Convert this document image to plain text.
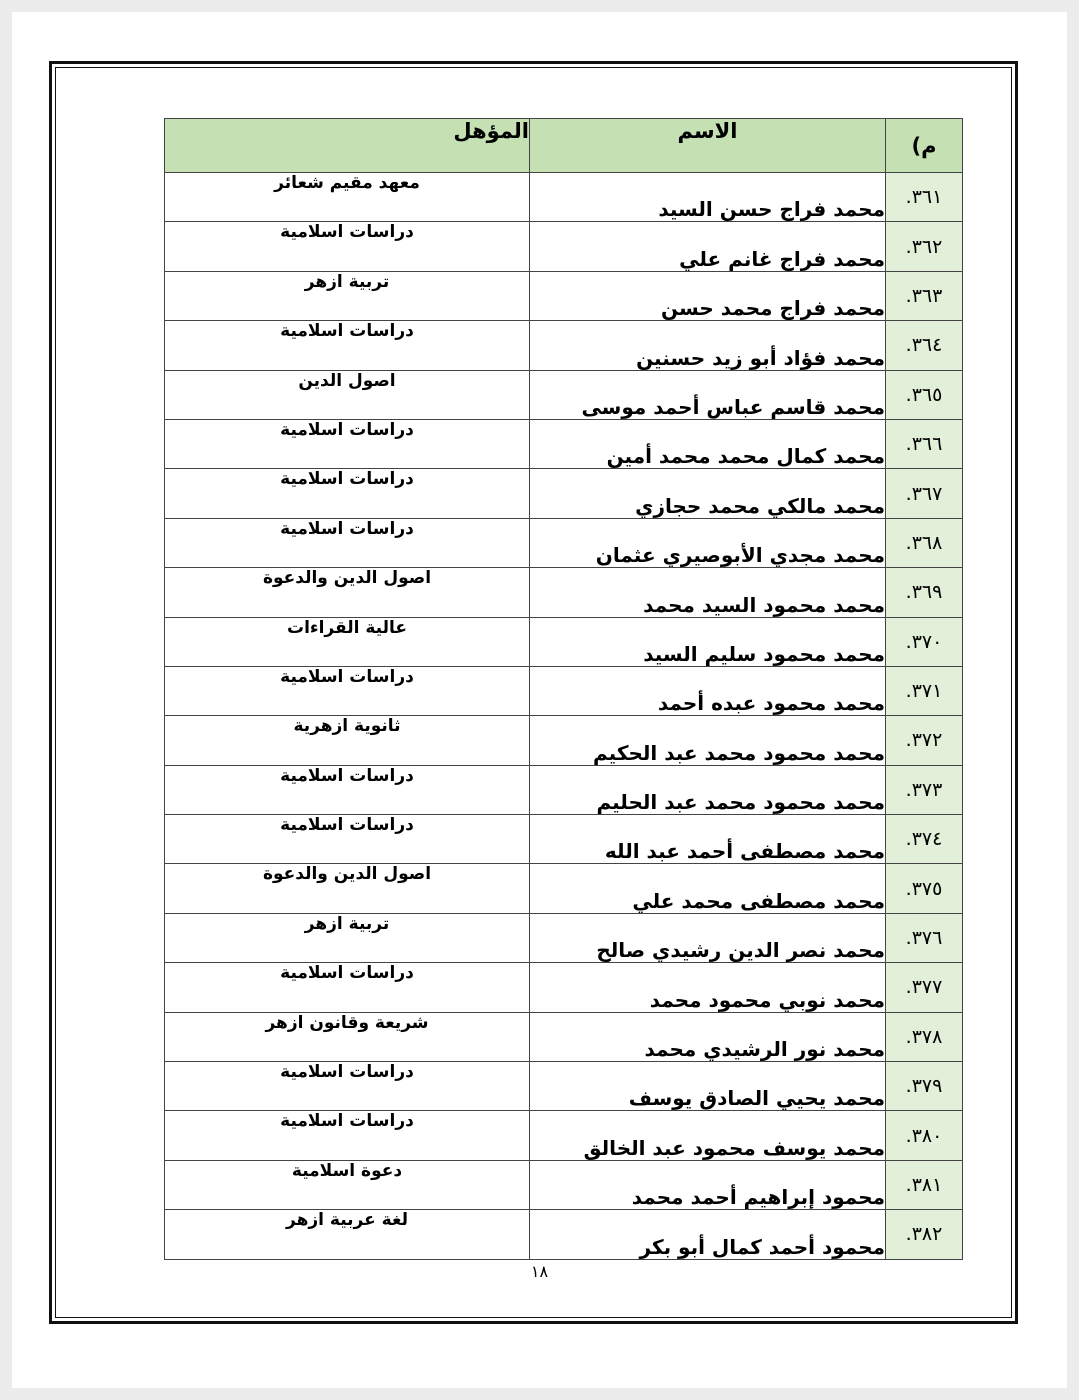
م)	الاسم	المؤهل
٣٦١.	محمد فراج حسن السيد	معهد مقيم شعائر
٣٦٢.	محمد فراج غانم علي	دراسات اسلامية
٣٦٣.	محمد فراج محمد حسن	تربية ازهر
٣٦٤.	محمد فؤاد أبو زيد حسنين	دراسات اسلامية
٣٦٥.	محمد قاسم عباس أحمد موسى	اصول الدين
٣٦٦.	محمد كمال محمد محمد أمين	دراسات اسلامية
٣٦٧.	محمد مالكي محمد حجازي	دراسات اسلامية
٣٦٨.	محمد مجدي الأبوصيري عثمان	دراسات اسلامية
٣٦٩.	محمد محمود السيد محمد	اصول الدين والدعوة
٣٧٠.	محمد محمود سليم السيد	عالية القراءات
٣٧١.	محمد محمود عبده أحمد	دراسات اسلامية
٣٧٢.	محمد محمود محمد عبد الحكيم	ثانوية ازهرية
٣٧٣.	محمد محمود محمد عبد الحليم	دراسات اسلامية
٣٧٤.	محمد مصطفى أحمد عبد الله	دراسات اسلامية
٣٧٥.	محمد مصطفى محمد علي	اصول الدين والدعوة
٣٧٦.	محمد نصر الدين رشيدي صالح	تربية ازهر
٣٧٧.	محمد نوبي محمود محمد	دراسات اسلامية
٣٧٨.	محمد نور الرشيدي محمد	شريعة وقانون ازهر
٣٧٩.	محمد يحيي الصادق يوسف	دراسات اسلامية
٣٨٠.	محمد يوسف محمود عبد الخالق	دراسات اسلامية
٣٨١.	محمود إبراهيم أحمد محمد	دعوة اسلامية
٣٨٢.	محمود أحمد كمال أبو بكر	لغة عربية ازهر
١٨
